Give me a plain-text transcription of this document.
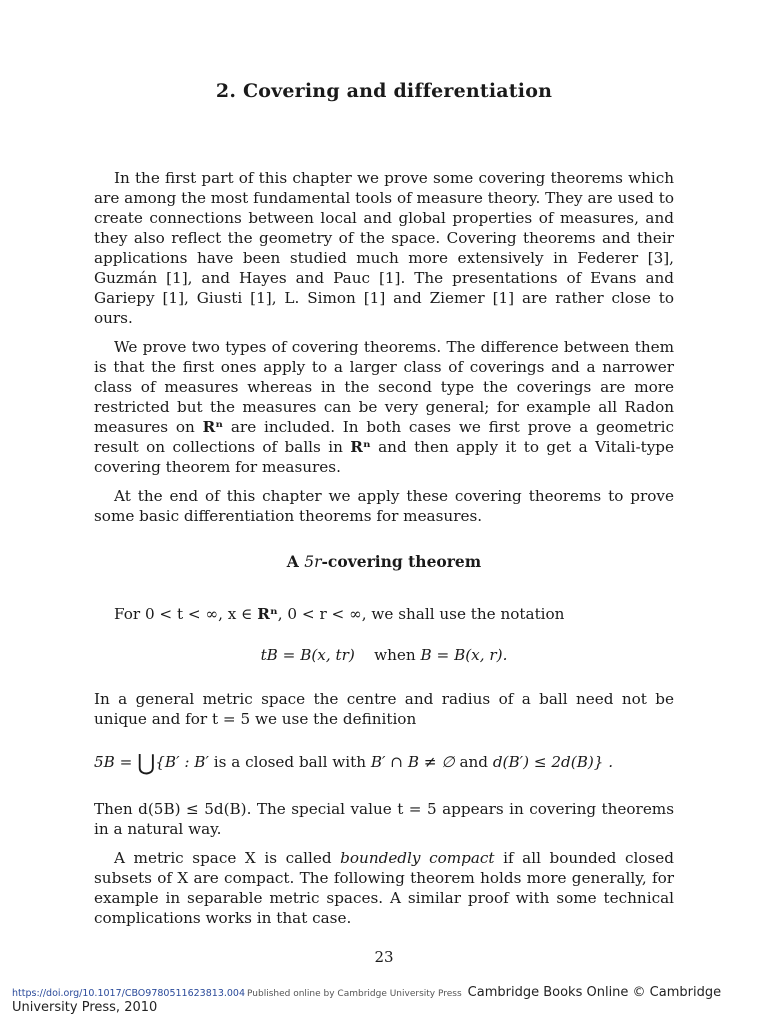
2. Covering and differentiation

In the first part of this chapter we prove some covering theorems which are among the most fundamental tools of measure theory. They are used to create connections between local and global properties of measures, and they also reflect the geometry of the space. Covering theorems and their applications have been studied much more extensively in Federer [3], Guzmán [1], and Hayes and Pauc [1]. The presentations of Evans and Gariepy [1], Giusti [1], L. Simon [1] and Ziemer [1] are rather close to ours.

We prove two types of covering theorems. The difference between them is that the first ones apply to a larger class of coverings and a narrower class of measures whereas in the second type the coverings are more restricted but the measures can be very general; for example all Radon measures on Rⁿ are included. In both cases we first prove a geometric result on collections of balls in Rⁿ and then apply it to get a Vitali-type covering theorem for measures.

At the end of this chapter we apply these covering theorems to prove some basic differentiation theorems for measures.

A 5r-covering theorem

For 0 < t < ∞, x ∈ Rⁿ, 0 < r < ∞, we shall use the notation

tB = B(x, tr) when B = B(x, r).

In a general metric space the centre and radius of a ball need not be unique and for t = 5 we use the definition

5B = ⋃{B′ : B′ is a closed ball with B′ ∩ B ≠ ∅ and d(B′) ≤ 2d(B)} .

Then d(5B) ≤ 5d(B). The special value t = 5 appears in covering theorems in a natural way.

A metric space X is called boundedly compact if all bounded closed subsets of X are compact. The following theorem holds more generally, for example in separable metric spaces. A similar proof with some technical complications works in that case.

23
https://doi.org/10.1017/CBO9780511623813.004 Published online by Cambridge University Press Cambridge Books Online © Cambridge University Press, 2010
